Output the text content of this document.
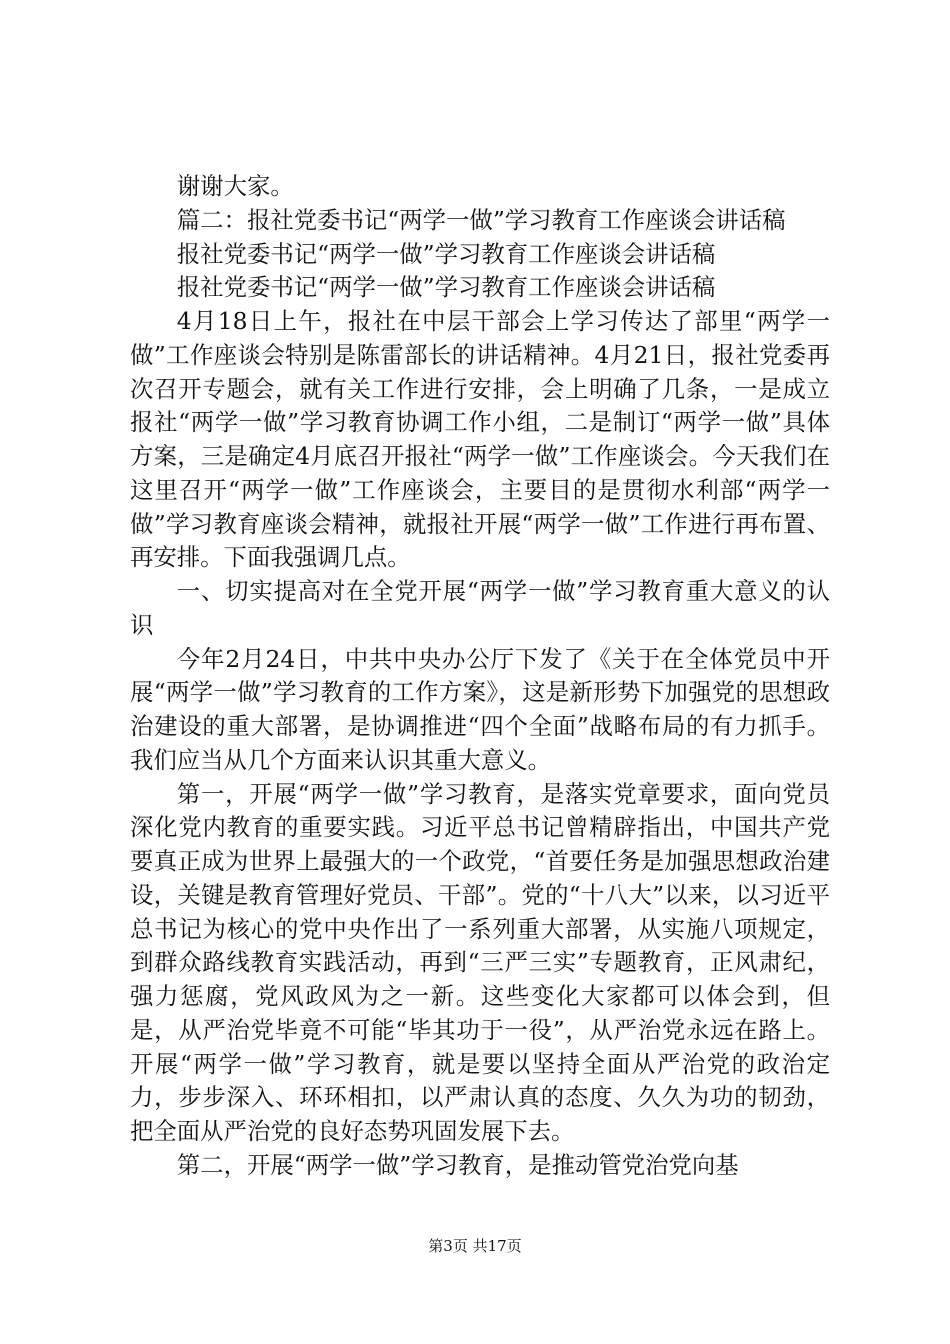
谢谢大家。

篇二：报社党委书记“两学一做”学习教育工作座谈会讲话稿

报社党委书记“两学一做”学习教育工作座谈会讲话稿

报社党委书记“两学一做”学习教育工作座谈会讲话稿

4月18日上午，报社在中层干部会上学习传达了部里“两学一做”工作座谈会特别是陈雷部长的讲话精神。4月21日，报社党委再次召开专题会，就有关工作进行安排，会上明确了几条，一是成立报社“两学一做”学习教育协调工作小组，二是制订“两学一做”具体方案，三是确定4月底召开报社“两学一做”工作座谈会。今天我们在这里召开“两学一做”工作座谈会，主要目的是贯彻水利部“两学一做”学习教育座谈会精神，就报社开展“两学一做”工作进行再布置、再安排。下面我强调几点。

一、切实提高对在全党开展“两学一做”学习教育重大意义的认识

今年2月24日，中共中央办公厅下发了《关于在全体党员中开展“两学一做”学习教育的工作方案》，这是新形势下加强党的思想政治建设的重大部署，是协调推进“四个全面”战略布局的有力抓手。我们应当从几个方面来认识其重大意义。

第一，开展“两学一做”学习教育，是落实党章要求，面向党员深化党内教育的重要实践。习近平总书记曾精辟指出，中国共产党要真正成为世界上最强大的一个政党，“首要任务是加强思想政治建设，关键是教育管理好党员、干部”。党的“十八大”以来，以习近平总书记为核心的党中央作出了一系列重大部署，从实施八项规定，到群众路线教育实践活动，再到“三严三实”专题教育，正风肃纪，强力惩腐，党风政风为之一新。这些变化大家都可以体会到，但是，从严治党毕竟不可能“毕其功于一役”，从严治党永远在路上。开展“两学一做”学习教育，就是要以坚持全面从严治党的政治定力，步步深入、环环相扣，以严肃认真的态度、久久为功的韧劲，把全面从严治党的良好态势巩固发展下去。

第二，开展“两学一做”学习教育，是推动管党治党向基

第3页 共17页
